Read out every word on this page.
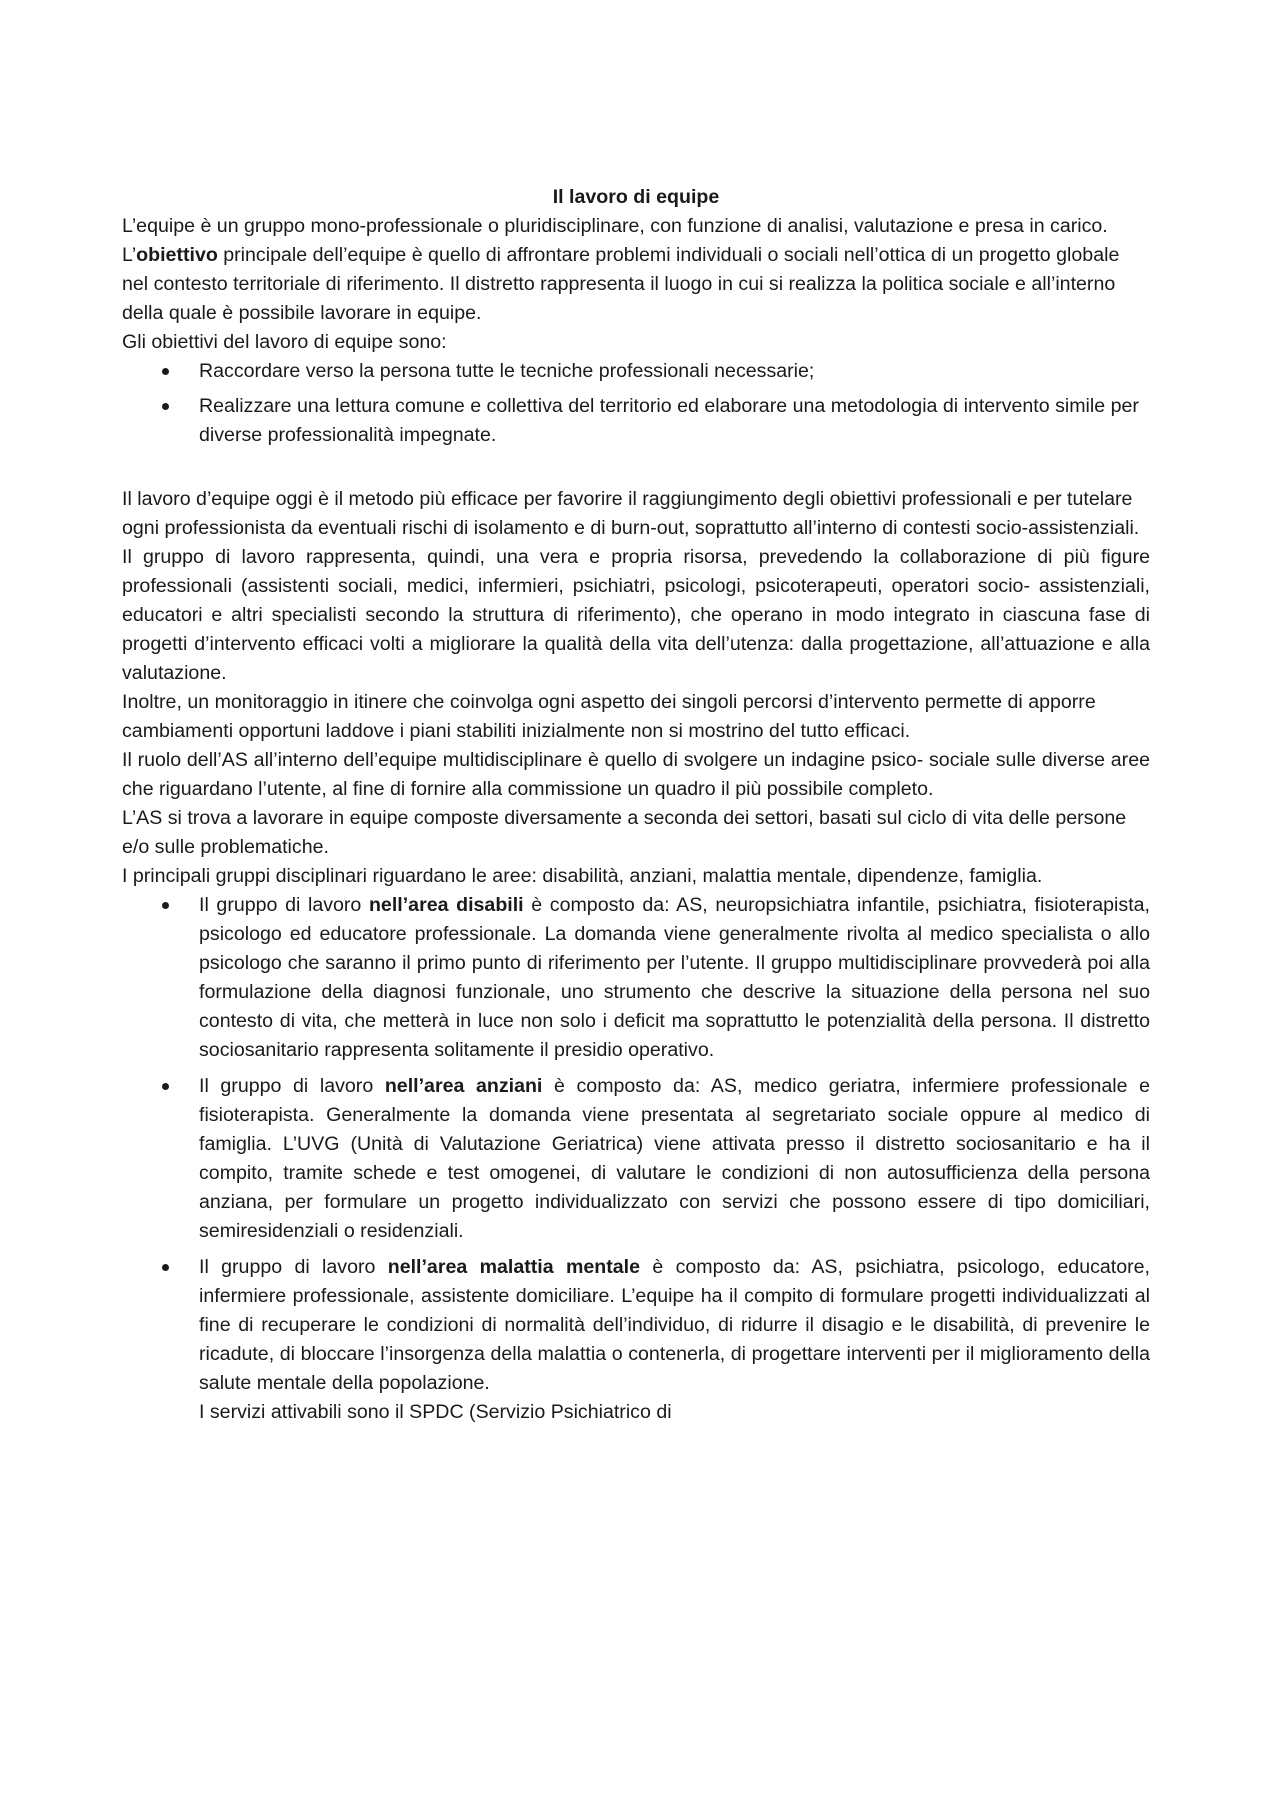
Il lavoro di equipe

L’equipe è un gruppo mono-professionale o pluridisciplinare, con funzione di analisi, valutazione e presa in carico. L’obiettivo principale dell’equipe è quello di affrontare problemi individuali o sociali nell’ottica di un progetto globale nel contesto territoriale di riferimento. Il distretto rappresenta il luogo in cui si realizza la politica sociale e all’interno della quale è possibile lavorare in equipe.

Gli obiettivi del lavoro di equipe sono:

Raccordare verso la persona tutte le tecniche professionali necessarie;
Realizzare una lettura comune e collettiva del territorio ed elaborare una metodologia di intervento simile per diverse professionalità impegnate.

Il lavoro d’equipe oggi è il metodo più efficace per favorire il raggiungimento degli obiettivi professionali e per tutelare ogni professionista da eventuali rischi di isolamento e di burn-out, soprattutto all’interno di contesti socio-assistenziali.

Il gruppo di lavoro rappresenta, quindi, una vera e propria risorsa, prevedendo la collaborazione di più figure professionali (assistenti sociali, medici, infermieri, psichiatri, psicologi, psicoterapeuti, operatori socio- assistenziali, educatori e altri specialisti secondo la struttura di riferimento), che operano in modo integrato in ciascuna fase di progetti d’intervento efficaci volti a migliorare la qualità della vita dell’utenza: dalla progettazione, all’attuazione e alla valutazione.

Inoltre, un monitoraggio in itinere che coinvolga ogni aspetto dei singoli percorsi d’intervento permette di apporre cambiamenti opportuni laddove i piani stabiliti inizialmente non si mostrino del tutto efficaci.

Il ruolo dell’AS all’interno dell’equipe multidisciplinare è quello di svolgere un indagine psico- sociale sulle diverse aree che riguardano l’utente, al fine di fornire alla commissione un quadro il più possibile completo.

L’AS si trova a lavorare in equipe composte diversamente a seconda dei settori, basati sul ciclo di vita delle persone e/o sulle problematiche.

I principali gruppi disciplinari riguardano le aree: disabilità, anziani, malattia mentale, dipendenze, famiglia.

Il gruppo di lavoro nell’area disabili è composto da: AS, neuropsichiatra infantile, psichiatra, fisioterapista, psicologo ed educatore professionale. La domanda viene generalmente rivolta al medico specialista o allo psicologo che saranno il primo punto di riferimento per l’utente. Il gruppo multidisciplinare provvederà poi alla formulazione della diagnosi funzionale, uno strumento che descrive la situazione della persona nel suo contesto di vita, che metterà in luce non solo i deficit ma soprattutto le potenzialità della persona. Il distretto sociosanitario rappresenta solitamente il presidio operativo.
Il gruppo di lavoro nell’area anziani è composto da: AS, medico geriatra, infermiere professionale e fisioterapista. Generalmente la domanda viene presentata al segretariato sociale oppure al medico di famiglia. L’UVG (Unità di Valutazione Geriatrica) viene attivata presso il distretto sociosanitario e ha il compito, tramite schede e test omogenei, di valutare le condizioni di non autosufficienza della persona anziana, per formulare un progetto individualizzato con servizi che possono essere di tipo domiciliari, semiresidenziali o residenziali.
Il gruppo di lavoro nell’area malattia mentale è composto da: AS, psichiatra, psicologo, educatore, infermiere professionale, assistente domiciliare. L’equipe ha il compito di formulare progetti individualizzati al fine di recuperare le condizioni di normalità dell’individuo, di ridurre il disagio e le disabilità, di prevenire le ricadute, di bloccare l’insorgenza della malattia o contenerla, di progettare interventi per il miglioramento della salute mentale della popolazione.
I servizi attivabili sono il SPDC (Servizio Psichiatrico di
